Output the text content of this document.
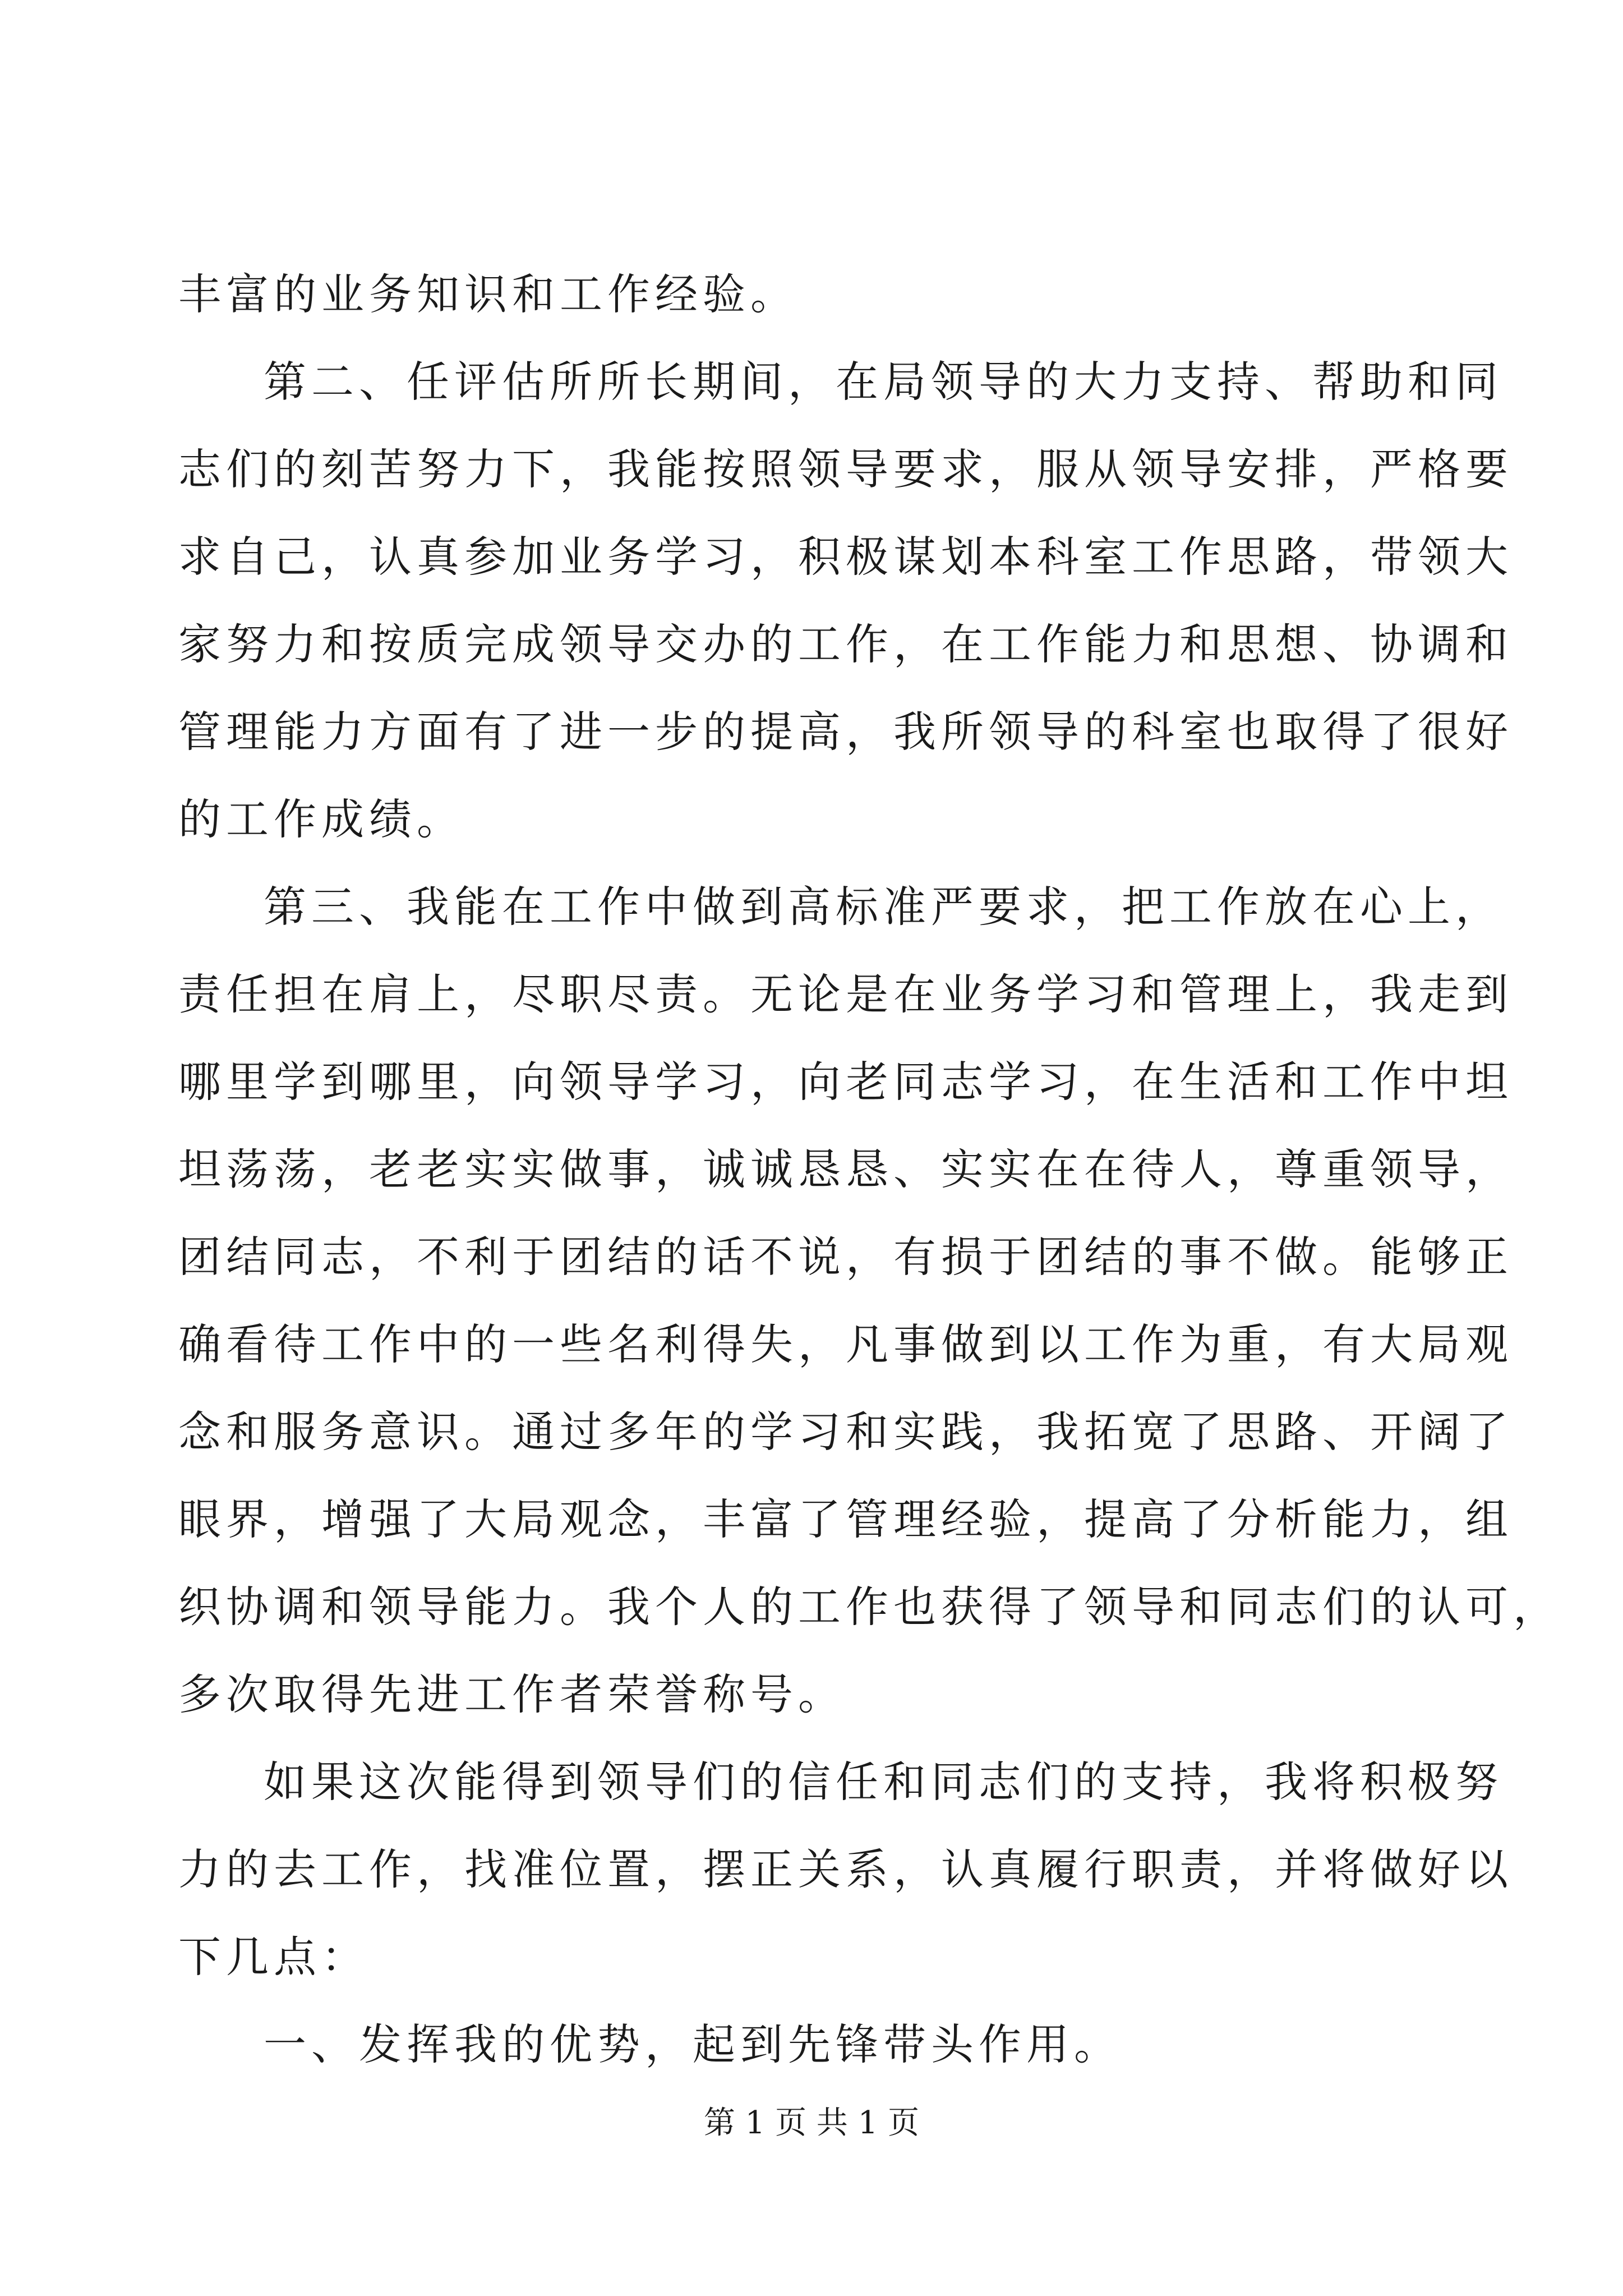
丰富的业务知识和工作经验。
第二、任评估所所长期间，在局领导的大力支持、帮助和同
志们的刻苦努力下，我能按照领导要求，服从领导安排，严格要
求自己，认真参加业务学习，积极谋划本科室工作思路，带领大
家努力和按质完成领导交办的工作，在工作能力和思想、协调和
管理能力方面有了进一步的提高，我所领导的科室也取得了很好
的工作成绩。
第三、我能在工作中做到高标准严要求，把工作放在心上，
责任担在肩上，尽职尽责。无论是在业务学习和管理上，我走到
哪里学到哪里，向领导学习，向老同志学习，在生活和工作中坦
坦荡荡，老老实实做事，诚诚恳恳、实实在在待人，尊重领导，
团结同志，不利于团结的话不说，有损于团结的事不做。能够正
确看待工作中的一些名利得失，凡事做到以工作为重，有大局观
念和服务意识。通过多年的学习和实践，我拓宽了思路、开阔了
眼界，增强了大局观念，丰富了管理经验，提高了分析能力，组
织协调和领导能力。我个人的工作也获得了领导和同志们的认可，
多次取得先进工作者荣誉称号。
如果这次能得到领导们的信任和同志们的支持，我将积极努
力的去工作，找准位置，摆正关系，认真履行职责，并将做好以
下几点：
一、发挥我的优势，起到先锋带头作用。
第 1 页 共 1 页
